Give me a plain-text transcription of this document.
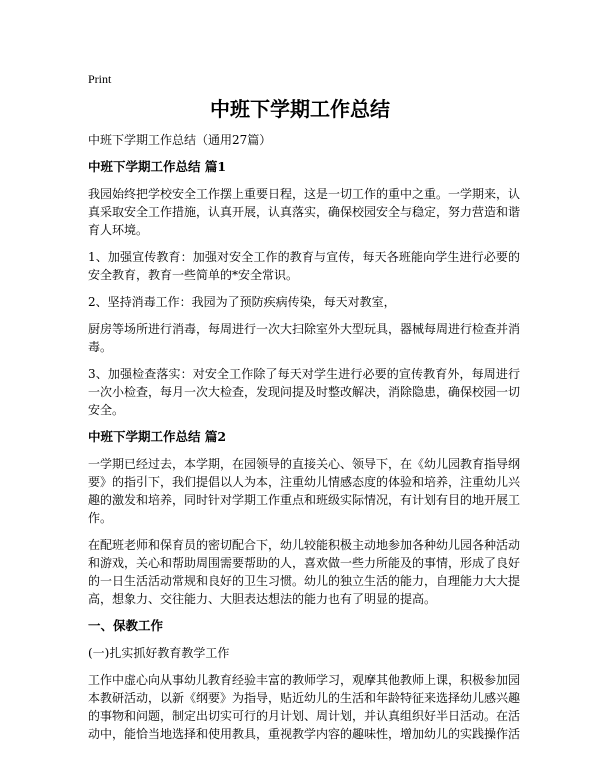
Print
中班下学期工作总结
中班下学期工作总结（通用27篇）
中班下学期工作总结 篇1

我园始终把学校安全工作摆上重要日程，这是一切工作的重中之重。一学期来，认真采取安全工作措施，认真开展，认真落实，确保校园安全与稳定，努力营造和谐育人环境。

1、加强宣传教育：加强对安全工作的教育与宣传，每天各班能向学生进行必要的安全教育，教育一些简单的*安全常识。

2、坚持消毒工作：我园为了预防疾病传染，每天对教室，

厨房等场所进行消毒，每周进行一次大扫除室外大型玩具，器械每周进行检查并消毒。

3、加强检查落实：对安全工作除了每天对学生进行必要的宣传教育外，每周进行一次小检查，每月一次大检查，发现问提及时整改解决，消除隐患，确保校园一切安全。

中班下学期工作总结 篇2

一学期已经过去，本学期，在园领导的直接关心、领导下，在《幼儿园教育指导纲要》的指引下，我们提倡以人为本，注重幼儿情感态度的体验和培养，注重幼儿兴趣的激发和培养，同时针对学期工作重点和班级实际情况，有计划有目的地开展工作。

在配班老师和保育员的密切配合下，幼儿较能积极主动地参加各种幼儿园各种活动和游戏，关心和帮助周围需要帮助的人，喜欢做一些力所能及的事情，形成了良好的一日生活活动常规和良好的卫生习惯。幼儿的独立生活的能力，自理能力大大提高，想象力、交往能力、大胆表达想法的能力也有了明显的提高。

一、保教工作

(一)扎实抓好教育教学工作

工作中虚心向从事幼儿教育经验丰富的教师学习，观摩其他教师上课，积极参加园本教研活动，以新《纲要》为指导，贴近幼儿的生活和年龄特征来选择幼儿感兴趣的事物和问题，制定出切实可行的月计划、周计划，并认真组织好半日活动。在活动中，能恰当地选择和使用教具，重视教学内容的趣味性，增加幼儿的实践操作活
